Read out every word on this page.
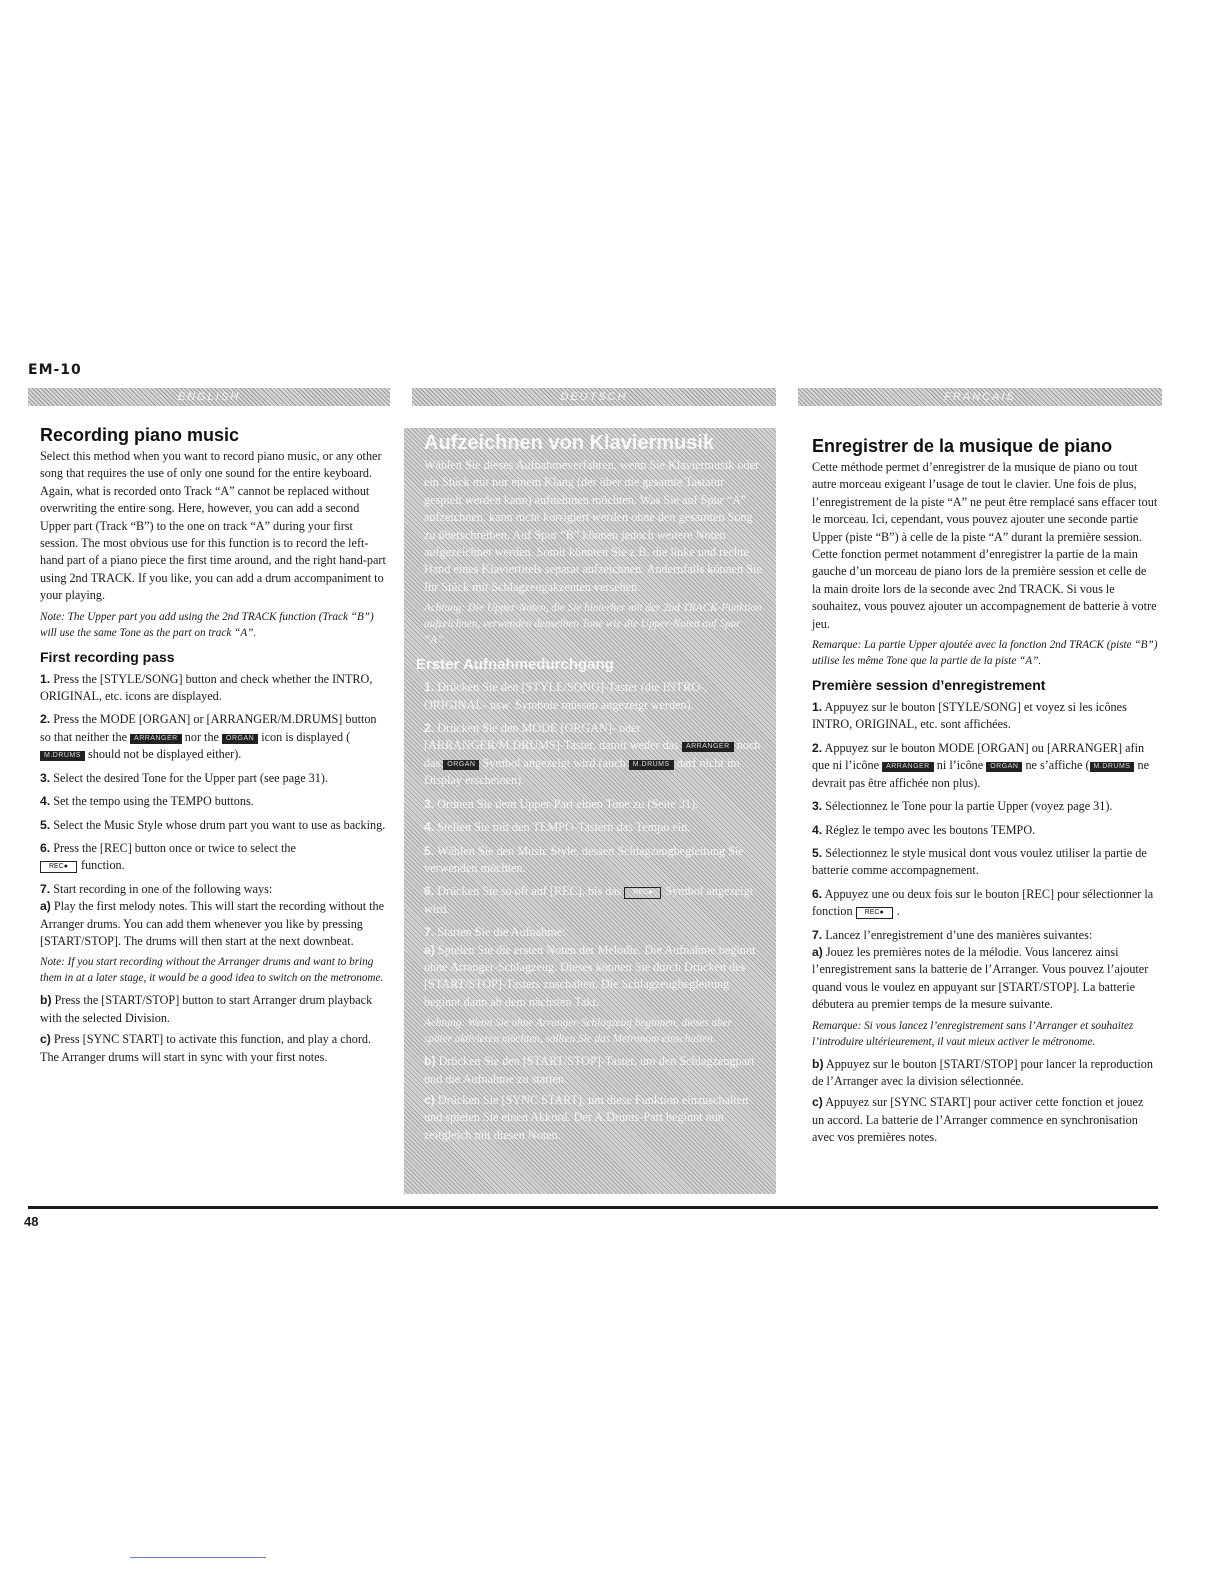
EM-10
ENGLISH	DEUTSCH	FRANÇAIS
Recording piano music
Select this method when you want to record piano music, or any other song that requires the use of only one sound for the entire keyboard. Again, what is recorded onto Track “A” cannot be replaced without overwriting the entire song. Here, however, you can add a second Upper part (Track “B”) to the one on track “A” during your first session. The most obvious use for this function is to record the left-hand part of a piano piece the first time around, and the right hand-part using 2nd TRACK. If you like, you can add a drum accompaniment to your playing.
Note: The Upper part you add using the 2nd TRACK function (Track “B”) will use the same Tone as the part on track “A”.
First recording pass
1. Press the [STYLE/SONG] button and check whether the INTRO, ORIGINAL, etc. icons are displayed.
2. Press the MODE [ORGAN] or [ARRANGER/M.DRUMS] button so that neither the ARRANGER nor the ORGAN icon is displayed (M.DRUMS should not be displayed either).
3. Select the desired Tone for the Upper part (see page 31).
4. Set the tempo using the TEMPO buttons.
5. Select the Music Style whose drum part you want to use as backing.
6. Press the [REC] button once or twice to select the
REC● function.
7. Start recording in one of the following ways:
a) Play the first melody notes. This will start the recording without the Arranger drums. You can add them whenever you like by pressing [START/STOP]. The drums will then start at the next downbeat.
Note: If you start recording without the Arranger drums and want to bring them in at a later stage, it would be a good idea to switch on the metronome.
b) Press the [START/STOP] button to start Arranger drum playback with the selected Division.
c) Press [SYNC START] to activate this function, and play a chord. The Arranger drums will start in sync with your first notes.
Aufzeichnen von Klaviermusik
Wählen Sie dieses Aufnahmeverfahren, wenn Sie Klaviermusik oder ein Stück mit nur einem Klang (der über die gesamte Tastatur gespielt werden kann) aufnehmen möchten. Was Sie auf Spur “A” aufzeichnen, kann nicht korrigiert werden ohne den gesamten Song zu überschreiben. Auf Spur “B” können jedoch weitere Noten aufgezeichnet werden. Somit könnten Sie z.B. die linke und rechte Hand eines Klaviertitels separat aufzeichnen. Andernfalls können Sie Ihr Stück mit Schlagzeugakzenten versehen.
Achtung: Die Upper-Noten, die Sie hinterher mit der 2nd TRACK-Funktion aufzeichnen, verwenden denselben Tone wie die Upper-Noten auf Spur “A”.
Erster Aufnahmedurchgang
1. Drücken Sie den [STYLE/SONG]-Taster (die INTRO-, ORIGINAL- usw. Symbole müssen angezeigt werden).
2. Drücken Sie den MODE [ORGAN]- oder [ARRANGER/M.DRUMS]-Taster, damit weder das ARRANGER noch das ORGAN Symbol angezeigt wird (auch M.DRUMS darf nicht im Display erscheinen).
3. Ordnen Sie dem Upper-Part einen Tone zu (Seite 31).
4. Stellen Sie mit den TEMPO-Tastern das Tempo ein.
5. Wählen Sie den Music Style, dessen Schlagzeugbegleitung Sie verwenden möchten.
6. Drücken Sie so oft auf [REC], bis das REC● Symbol angezeigt wird.
7. Starten Sie die Aufnahme:
a) Spielen Sie die ersten Noten der Melodie. Die Aufnahme beginnt ohne Arranger-Schlagzeug. Dieses können Sie durch Drücken des [START/STOP]-Tasters zuschalten. Die Schlagzeugbegleitung beginnt dann ab dem nächsten Takt.
Achtung: Wenn Sie ohne Arranger-Schlagzeug beginnen, dieses aber später aktivieren möchten, sollten Sie das Metronom einschalten.
b) Drücken Sie den [START/STOP]-Taster, um den Schlagzeugpart und die Aufnahme zu starten.
c) Drücken Sie [SYNC START], um diese Funktion einzuschalten und spielen Sie einen Akkord. Der A.Drums-Part beginnt nun zeitgleich mit diesen Noten.
Enregistrer de la musique de piano
Cette méthode permet d’enregistrer de la musique de piano ou tout autre morceau exigeant l’usage de tout le clavier. Une fois de plus, l’enregistrement de la piste “A” ne peut être remplacé sans effacer tout le morceau. Ici, cependant, vous pouvez ajouter une seconde partie Upper (piste “B”) à celle de la piste “A” durant la première session. Cette fonction permet notamment d’enregistrer la partie de la main gauche d’un morceau de piano lors de la première session et celle de la main droite lors de la seconde avec 2nd TRACK. Si vous le souhaitez, vous pouvez ajouter un accompagnement de batterie à votre jeu.
Remarque: La partie Upper ajoutée avec la fonction 2nd TRACK (piste “B”) utilise les même Tone que la partie de la piste “A”.
Première session d’enregistrement
1. Appuyez sur le bouton [STYLE/SONG] et voyez si les icônes INTRO, ORIGINAL, etc. sont affichées.
2. Appuyez sur le bouton MODE [ORGAN] ou [ARRANGER] afin que ni l’icône ARRANGER ni l’icône ORGAN ne s’affiche ( M.DRUMS ne devrait pas être affichée non plus).
3. Sélectionnez le Tone pour la partie Upper (voyez page 31).
4. Réglez le tempo avec les boutons TEMPO.
5. Sélectionnez le style musical dont vous voulez utiliser la partie de batterie comme accompagnement.
6. Appuyez une ou deux fois sur le bouton [REC] pour sélectionner la fonction REC● .
7. Lancez l’enregistrement d’une des manières suivantes:
a) Jouez les premières notes de la mélodie. Vous lancerez ainsi l’enregistrement sans la batterie de l’Arranger. Vous pouvez l’ajouter quand vous le voulez en appuyant sur [START/STOP]. La batterie débutera au premier temps de la mesure suivante.
Remarque: Si vous lancez l’enregistrement sans l’Arranger et souhaitez l’introduire ultérieurement, il vaut mieux activer le métronome.
b) Appuyez sur le bouton [START/STOP] pour lancer la reproduction de l’Arranger avec la division sélectionnée.
c) Appuyez sur [SYNC START] pour activer cette fonction et jouez un accord. La batterie de l’Arranger commence en synchronisation avec vos premières notes.
48
